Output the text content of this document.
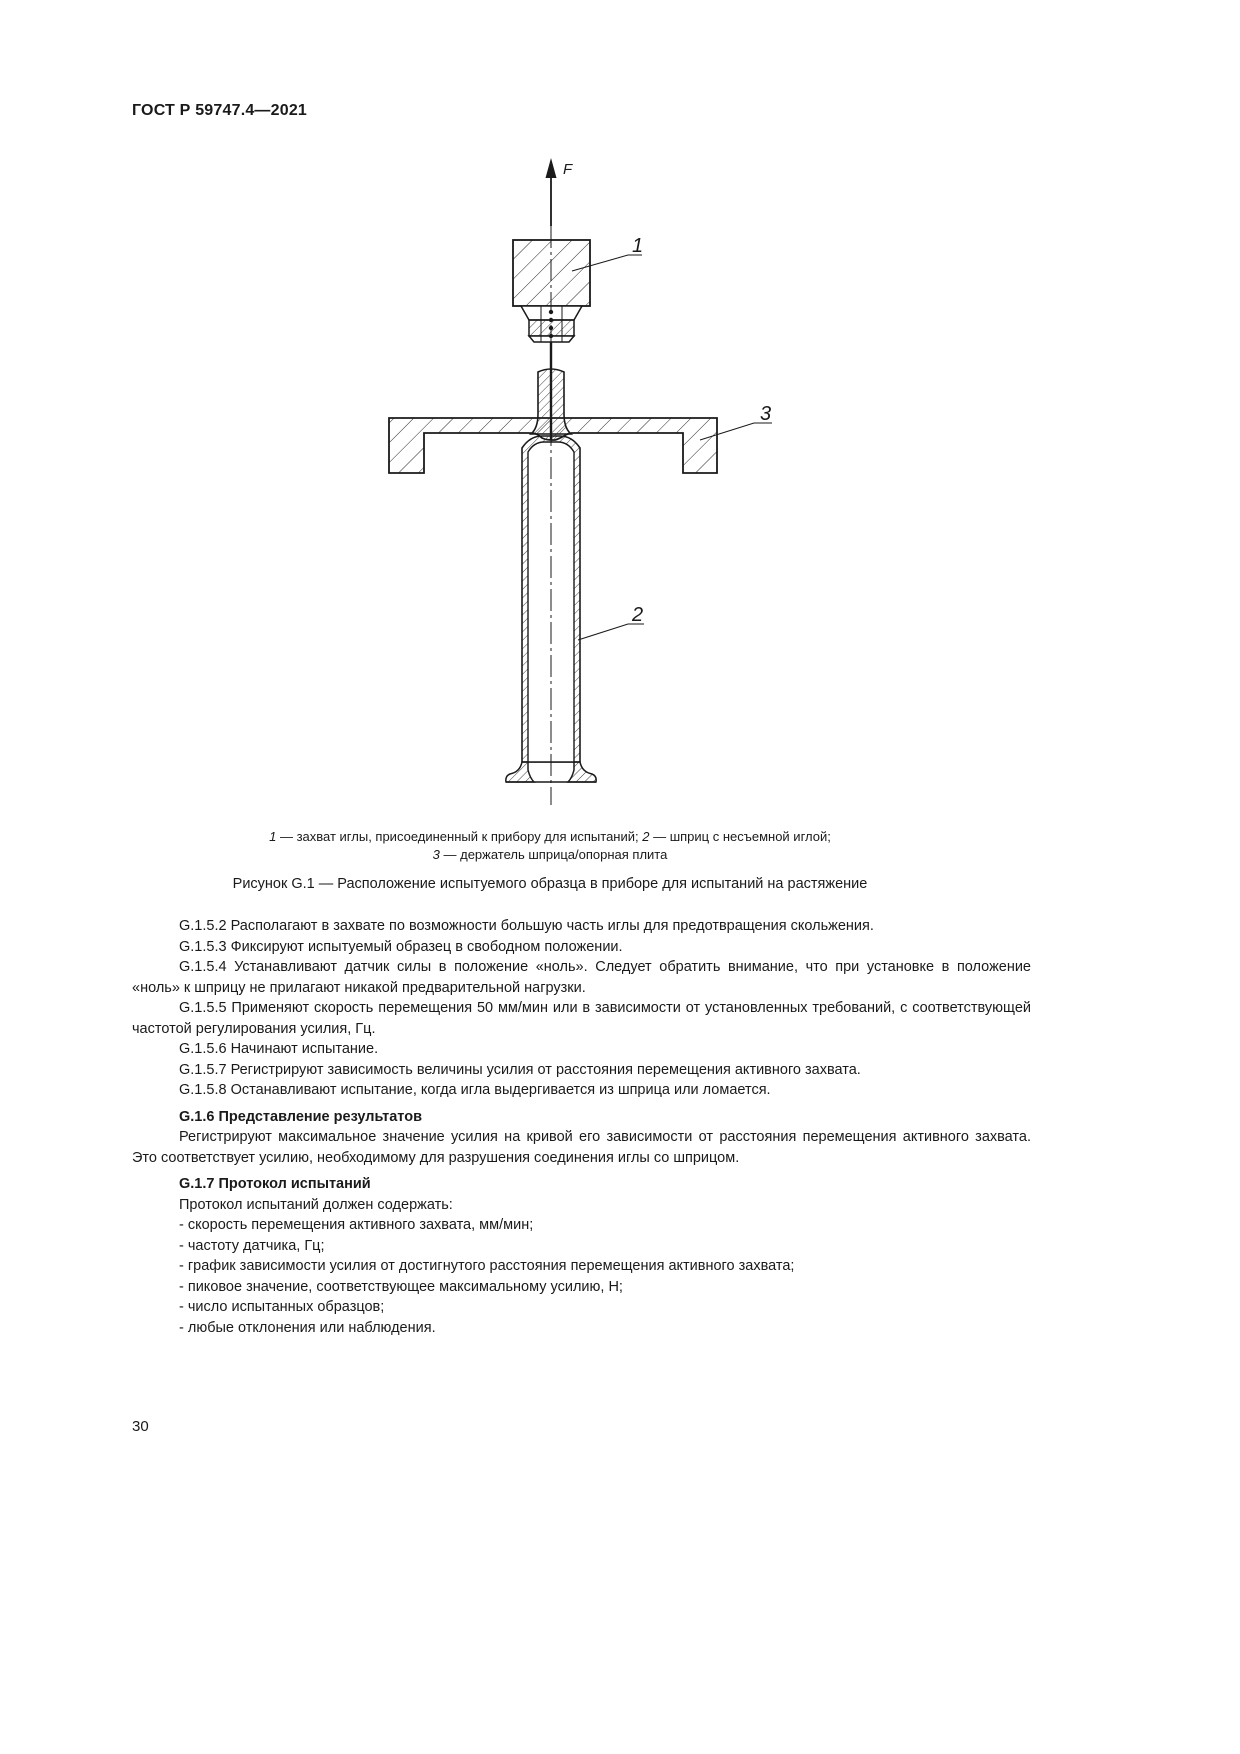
ГОСТ Р 59747.4—2021
F
1
3
2
1 — захват иглы, присоединенный к прибору для испытаний; 2 — шприц с несъемной иглой;
3 — держатель шприца/опорная плита
Рисунок G.1 — Расположение испытуемого образца в приборе для испытаний на растяжение

G.1.5.2 Располагают в захвате по возможности большую часть иглы для предотвращения скольжения.

G.1.5.3 Фиксируют испытуемый образец в свободном положении.

G.1.5.4 Устанавливают датчик силы в положение «ноль». Следует обратить внимание, что при установке в положение «ноль» к шприцу не прилагают никакой предварительной нагрузки.

G.1.5.5 Применяют скорость перемещения 50 мм/мин или в зависимости от установленных требований, с соответствующей частотой регулирования усилия, Гц.

G.1.5.6 Начинают испытание.

G.1.5.7 Регистрируют зависимость величины усилия от расстояния перемещения активного захвата.

G.1.5.8 Останавливают испытание, когда игла выдергивается из шприца или ломается.

G.1.6 Представление результатов

Регистрируют максимальное значение усилия на кривой его зависимости от расстояния перемещения активного захвата. Это соответствует усилию, необходимому для разрушения соединения иглы со шприцом.

G.1.7 Протокол испытаний

Протокол испытаний должен содержать:

- скорость перемещения активного захвата, мм/мин;

- частоту датчика, Гц;

- график зависимости усилия от достигнутого расстояния перемещения активного захвата;

- пиковое значение, соответствующее максимальному усилию, Н;

- число испытанных образцов;

- любые отклонения или наблюдения.

30
